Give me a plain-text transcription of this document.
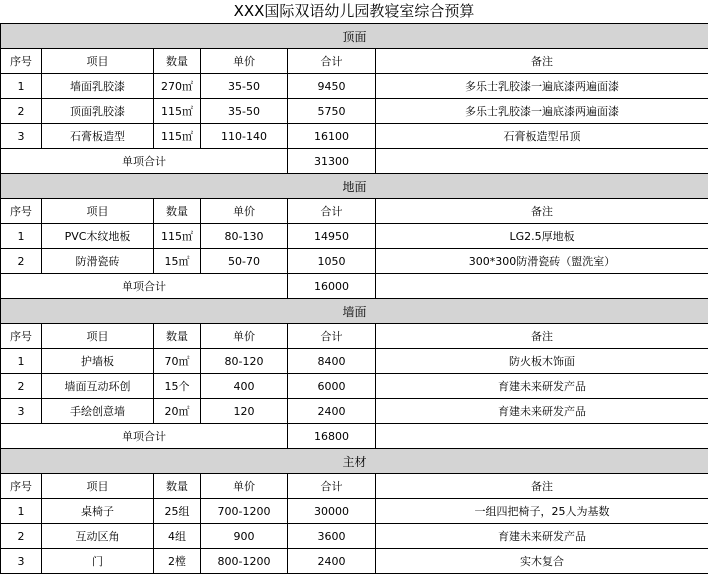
XXX国际双语幼儿园教寝室综合预算
顶面					
序号	项目	数量	单价	合计	备注
1	墙面乳胶漆	270㎡	35-50	9450	多乐士乳胶漆一遍底漆两遍面漆
2	顶面乳胶漆	115㎡	35-50	5750	多乐士乳胶漆一遍底漆两遍面漆
3	石膏板造型	115㎡	110-140	16100	石膏板造型吊顶
单项合计				31300	
地面					
序号	项目	数量	单价	合计	备注
1	PVC木纹地板	115㎡	80-130	14950	LG2.5厚地板
2	防滑瓷砖	15㎡	50-70	1050	300*300防滑瓷砖（盥洗室）
单项合计				16000	
墙面					
序号	项目	数量	单价	合计	备注
1	护墙板	70㎡	80-120	8400	防火板木饰面
2	墙面互动环创	15个	400	6000	育建未来研发产品
3	手绘创意墙	20㎡	120	2400	育建未来研发产品
单项合计				16800	
主材					
序号	项目	数量	单价	合计	备注
1	桌椅子	25组	700-1200	30000	一组四把椅子，25人为基数
2	互动区角	4组	900	3600	育建未来研发产品
3	门	2樘	800-1200	2400	实木复合
